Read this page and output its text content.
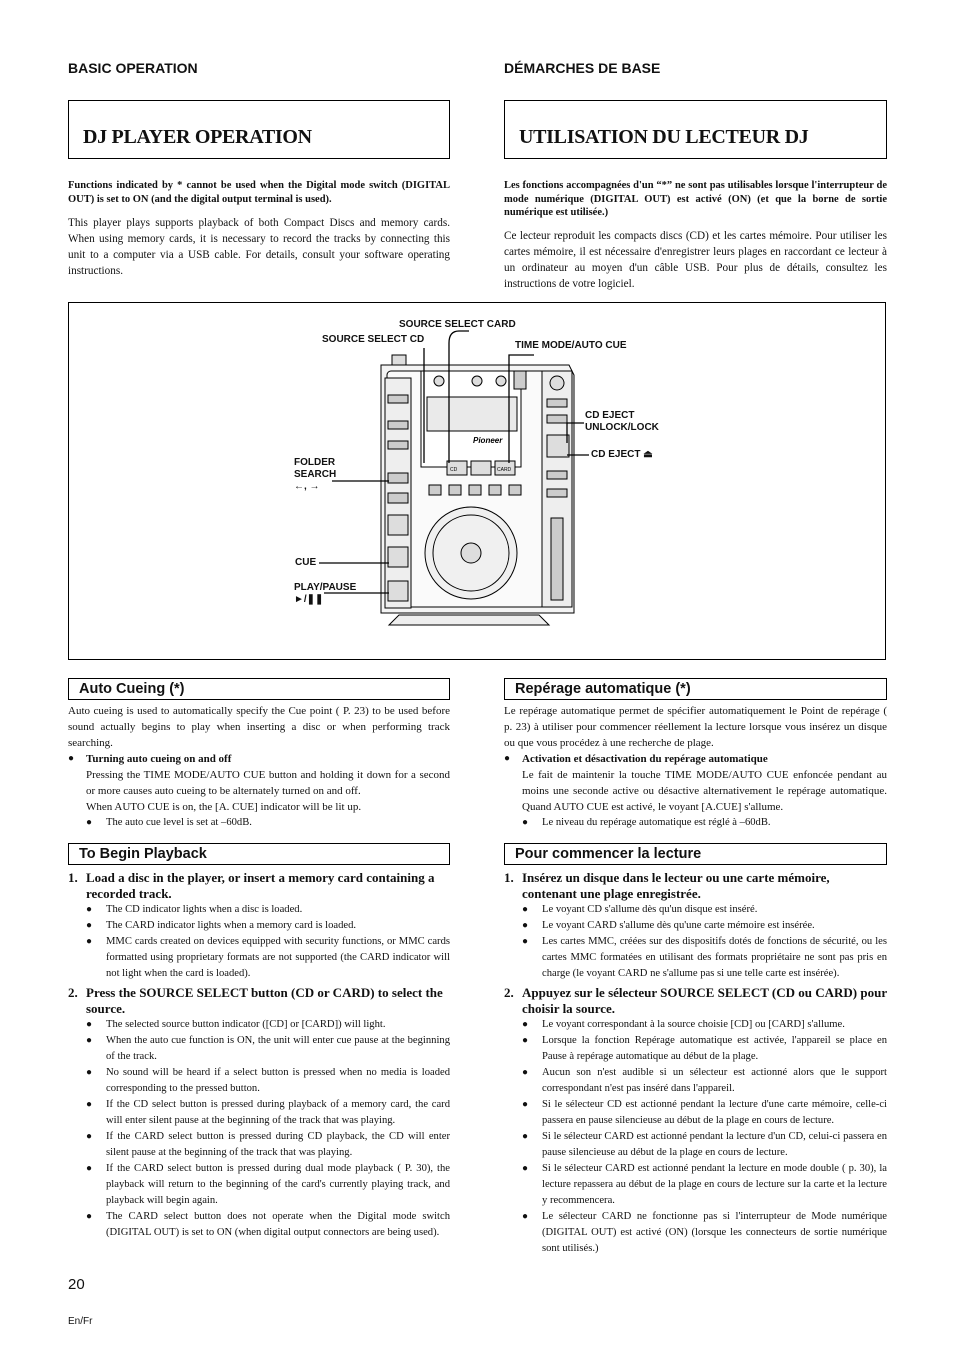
BASIC OPERATION
DJ PLAYER OPERATION
Functions indicated by * cannot be used when the Digital mode switch (DIGITAL OUT) is set to ON (and the digital output terminal is used).
This player plays supports playback of both Compact Discs and memory cards. When using memory cards, it is necessary to record the tracks by connecting this unit to a computer via a USB cable. For details, consult your software operating instructions.
DÉMARCHES DE BASE
UTILISATION DU LECTEUR DJ
Les fonctions accompagnées d'un “*” ne sont pas utilisables lorsque l'interrupteur de mode numérique (DIGITAL OUT) est activé (ON) (et que la borne de sortie numérique est utilisée.)
Ce lecteur reproduit les compacts discs (CD) et les cartes mémoire. Pour utiliser les cartes mémoire, il est nécessaire d'enregistrer leurs plages en raccordant ce lecteur à un ordinateur au moyen d'un câble USB. Pour plus de détails, consultez les instructions de votre logiciel.
Pioneer
CD	CARD
SOURCE SELECT CARD
SOURCE SELECT CD
TIME MODE/AUTO CUE
CD EJECT
UNLOCK/LOCK
CD EJECT ⏏
FOLDER
SEARCH
←, →
CUE
PLAY/PAUSE
►/❚❚
Auto Cueing (*)
Auto cueing is used to automatically specify the Cue point ( P. 23) to be used before sound actually begins to play when inserting a disc or when performing track searching.
● Turning auto cueing on and off
Pressing the TIME MODE/AUTO CUE button and holding it down for a second or more causes auto cueing to be alternately turned on and off.
When AUTO CUE is on, the [A. CUE] indicator will be lit up.
● The auto cue level is set at –60dB.
To Begin Playback
1. Load a disc in the player, or insert a memory card containing a recorded track.
● The CD indicator lights when a disc is loaded.
● The CARD indicator lights when a memory card is loaded.
● MMC cards created on devices equipped with security functions, or MMC cards formatted using proprietary formats are not supported (the CARD indicator will not light when the card is loaded).
2. Press the SOURCE SELECT button (CD or CARD) to select the source.
● The selected source button indicator ([CD] or [CARD]) will light.
● When the auto cue function is ON, the unit will enter cue pause at the beginning of the track.
● No sound will be heard if a select button is pressed when no media is loaded corresponding to the pressed button.
● If the CD select button is pressed during playback of a memory card, the card will enter silent pause at the beginning of the track that was playing.
● If the CARD select button is pressed during CD playback, the CD will enter silent pause at the beginning of the track that was playing.
● If the CARD select button is pressed during dual mode playback ( P. 30), the playback will return to the beginning of the card's currently playing track, and playback will begin again.
● The CARD select button does not operate when the Digital mode switch (DIGITAL OUT) is set to ON (when digital output connectors are being used).
Repérage automatique (*)
Le repérage automatique permet de spécifier automatiquement le Point de repérage ( p. 23) à utiliser pour commencer réellement la lecture lorsque vous insérez un disque ou que vous procédez à une recherche de plage.
● Activation et désactivation du repérage automatique
Le fait de maintenir la touche TIME MODE/AUTO CUE enfoncée pendant au moins une seconde active ou désactive alternativement le repérage automatique. Quand AUTO CUE est activé, le voyant [A.CUE] s'allume.
● Le niveau du repérage automatique est réglé à –60dB.
Pour commencer la lecture
1. Insérez un disque dans le lecteur ou une carte mémoire, contenant une plage enregistrée.
● Le voyant CD s'allume dès qu'un disque est inséré.
● Le voyant CARD s'allume dès qu'une carte mémoire est insérée.
● Les cartes MMC, créées sur des dispositifs dotés de fonctions de sécurité, ou les cartes MMC formatées en utilisant des formats propriétaire ne sont pas pris en charge (le voyant CARD ne s'allume pas si une telle carte est insérée).
2. Appuyez sur le sélecteur SOURCE SELECT (CD ou CARD) pour choisir la source.
● Le voyant correspondant à la source choisie [CD] ou [CARD] s'allume.
● Lorsque la fonction Repérage automatique est activée, l'appareil se place en Pause à repérage automatique au début de la plage.
● Aucun son n'est audible si un sélecteur est actionné alors que le support correspondant n'est pas inséré dans l'appareil.
● Si le sélecteur CD est actionné pendant la lecture d'une carte mémoire, celle-ci passera en pause silencieuse au début de la plage en cours de lecture.
● Si le sélecteur CARD est actionné pendant la lecture d'un CD, celui-ci passera en pause silencieuse au début de la plage en cours de lecture.
● Si le sélecteur CARD est actionné pendant la lecture en mode double ( p. 30), la lecture repassera au début de la plage en cours de lecture sur la carte et la lecture y recommencera.
● Le sélecteur CARD ne fonctionne pas si l'interrupteur de Mode numérique (DIGITAL OUT) est activé (ON) (lorsque les connecteurs de sortie numérique sont utilisés.)
20
En/Fr
